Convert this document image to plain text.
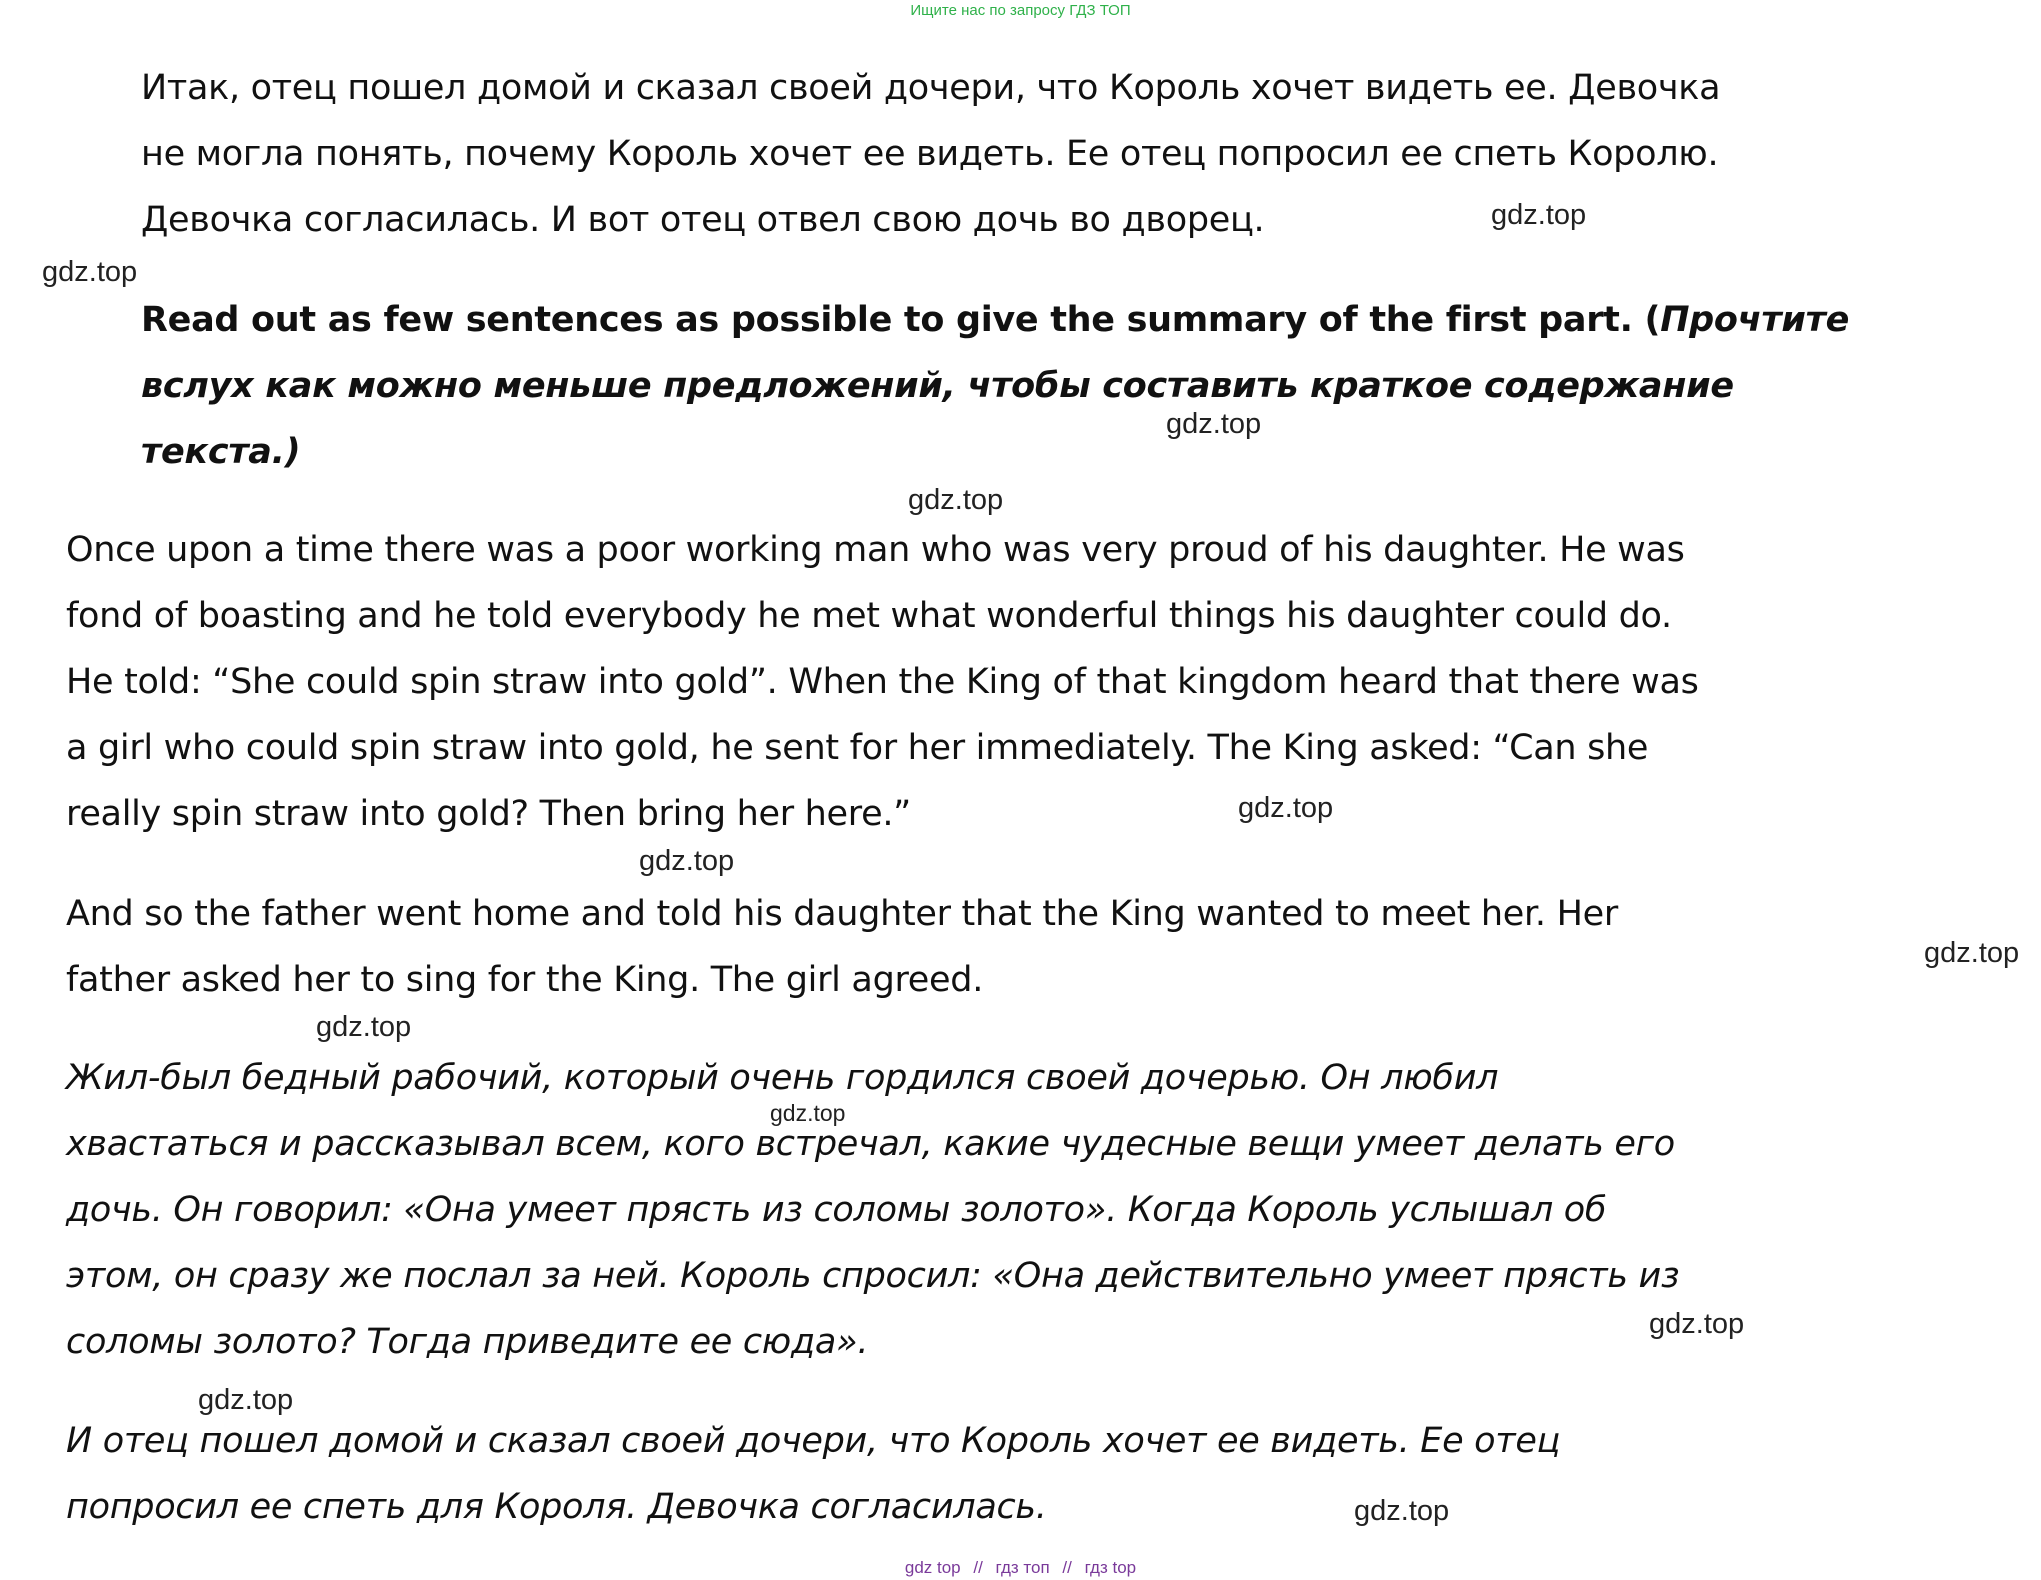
Ищите нас по запросу ГДЗ ТОП
Итак, отец пошел домой и сказал своей дочери, что Король хочет видеть ее. Девочка
не могла понять, почему Король хочет ее видеть. Ее отец попросил ее спеть Королю.
Девочка согласилась. И вот отец отвел свою дочь во дворец.
Read out as few sentences as possible to give the summary of the first part. (Прочтите
вслух как можно меньше предложений, чтобы составить краткое содержание
текста.)
Once upon a time there was a poor working man who was very proud of his daughter. He was
fond of boasting and he told everybody he met what wonderful things his daughter could do.
He told: “She could spin straw into gold”. When the King of that kingdom heard that there was
a girl who could spin straw into gold, he sent for her immediately. The King asked: “Can she
really spin straw into gold? Then bring her here.”
And so the father went home and told his daughter that the King wanted to meet her. Her
father asked her to sing for the King. The girl agreed.
Жил-был бедный рабочий, который очень гордился своей дочерью. Он любил
хвастаться и рассказывал всем, кого встречал, какие чудесные вещи умеет делать его
дочь. Он говорил: «Она умеет прясть из соломы золото». Когда Король услышал об
этом, он сразу же послал за ней. Король спросил: «Она действительно умеет прясть из
соломы золото? Тогда приведите ее сюда».
И отец пошел домой и сказал своей дочери, что Король хочет ее видеть. Ее отец
попросил ее спеть для Короля. Девочка согласилась.
gdz.top
gdz.top
gdz.top
gdz.top
gdz.top
gdz.top
gdz.top
gdz.top
gdz.top
gdz.top
gdz.top
gdz.top
gdz top // гдз топ // гдз top
